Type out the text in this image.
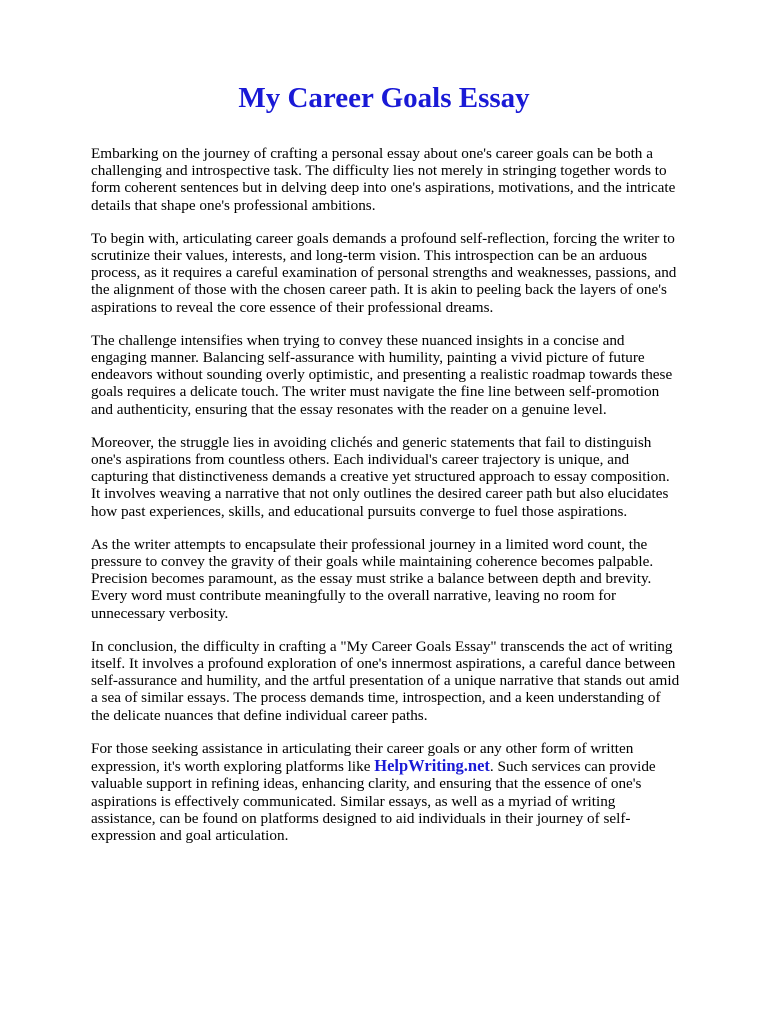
My Career Goals Essay

Embarking on the journey of crafting a personal essay about one's career goals can be both a challenging and introspective task. The difficulty lies not merely in stringing together words to form coherent sentences but in delving deep into one's aspirations, motivations, and the intricate details that shape one's professional ambitions.

To begin with, articulating career goals demands a profound self-reflection, forcing the writer to scrutinize their values, interests, and long-term vision. This introspection can be an arduous process, as it requires a careful examination of personal strengths and weaknesses, passions, and the alignment of those with the chosen career path. It is akin to peeling back the layers of one's aspirations to reveal the core essence of their professional dreams.

The challenge intensifies when trying to convey these nuanced insights in a concise and engaging manner. Balancing self-assurance with humility, painting a vivid picture of future endeavors without sounding overly optimistic, and presenting a realistic roadmap towards these goals requires a delicate touch. The writer must navigate the fine line between self-promotion and authenticity, ensuring that the essay resonates with the reader on a genuine level.

Moreover, the struggle lies in avoiding clichés and generic statements that fail to distinguish one's aspirations from countless others. Each individual's career trajectory is unique, and capturing that distinctiveness demands a creative yet structured approach to essay composition. It involves weaving a narrative that not only outlines the desired career path but also elucidates how past experiences, skills, and educational pursuits converge to fuel those aspirations.

As the writer attempts to encapsulate their professional journey in a limited word count, the pressure to convey the gravity of their goals while maintaining coherence becomes palpable. Precision becomes paramount, as the essay must strike a balance between depth and brevity. Every word must contribute meaningfully to the overall narrative, leaving no room for unnecessary verbosity.

In conclusion, the difficulty in crafting a "My Career Goals Essay" transcends the act of writing itself. It involves a profound exploration of one's innermost aspirations, a careful dance between self-assurance and humility, and the artful presentation of a unique narrative that stands out amid a sea of similar essays. The process demands time, introspection, and a keen understanding of the delicate nuances that define individual career paths.

For those seeking assistance in articulating their career goals or any other form of written expression, it's worth exploring platforms like HelpWriting.net. Such services can provide valuable support in refining ideas, enhancing clarity, and ensuring that the essence of one's aspirations is effectively communicated. Similar essays, as well as a myriad of writing assistance, can be found on platforms designed to aid individuals in their journey of self-expression and goal articulation.
